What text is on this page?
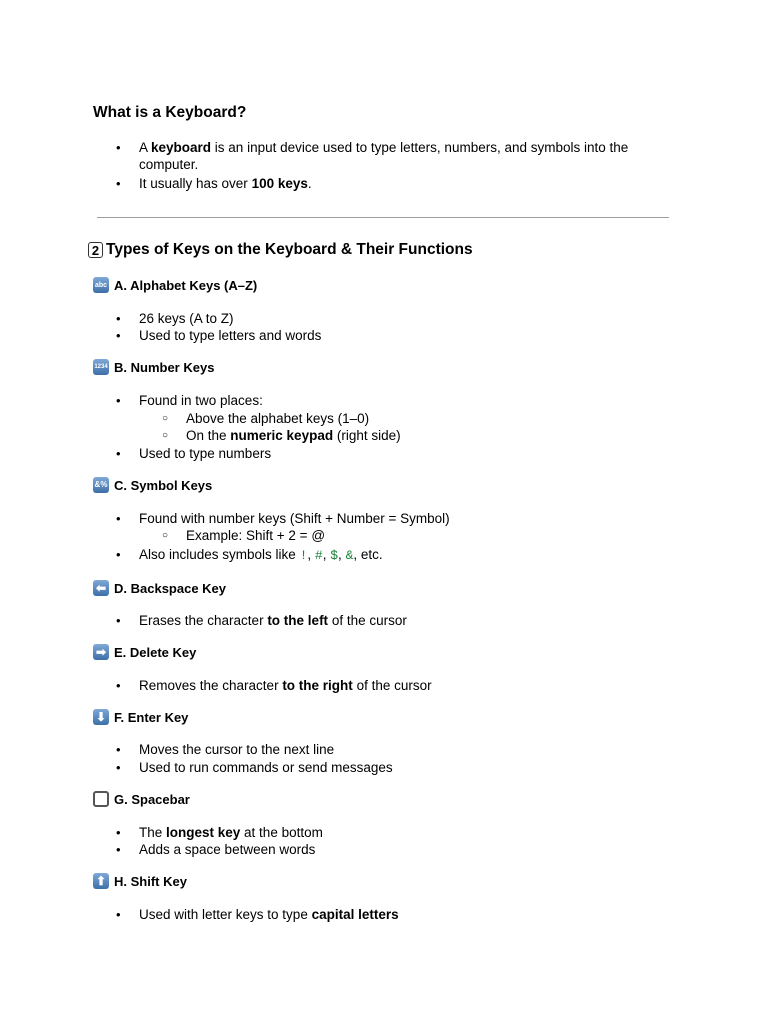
What is a Keyboard?
• A keyboard is an input device used to type letters, numbers, and symbols into the computer.
• It usually has over 100 keys.
2 Types of Keys on the Keyboard & Their Functions
abc A. Alphabet Keys (A–Z)
• 26 keys (A to Z)
• Used to type letters and words
1234 B. Number Keys
• Found in two places:
○ Above the alphabet keys (1–0)
○ On the numeric keypad (right side)
• Used to type numbers
&% C. Symbol Keys
• Found with number keys (Shift + Number = Symbol)
○ Example: Shift + 2 = @
• Also includes symbols like !, #, $, &, etc.
⬅ D. Backspace Key
• Erases the character to the left of the cursor
➡ E. Delete Key
• Removes the character to the right of the cursor
⬇ F. Enter Key
• Moves the cursor to the next line
• Used to run commands or send messages
G. Spacebar
• The longest key at the bottom
• Adds a space between words
⬆ H. Shift Key
• Used with letter keys to type capital letters
